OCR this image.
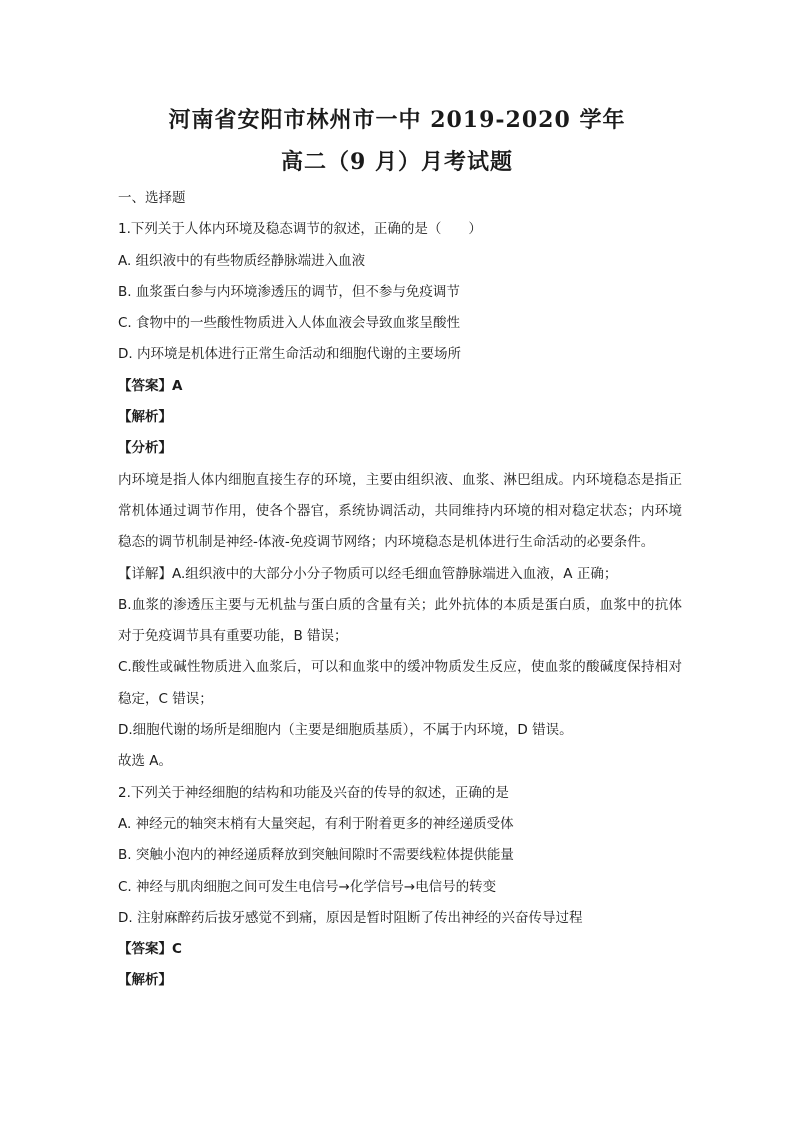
河南省安阳市林州市一中 2019-2020 学年
高二（9 月）月考试题
一、选择题
1.下列关于人体内环境及稳态调节的叙述，正确的是（　　）
A. 组织液中的有些物质经静脉端进入血液
B. 血浆蛋白参与内环境渗透压的调节，但不参与免疫调节
C. 食物中的一些酸性物质进入人体血液会导致血浆呈酸性
D. 内环境是机体进行正常生命活动和细胞代谢的主要场所
【答案】A
【解析】
【分析】
内环境是指人体内细胞直接生存的环境，主要由组织液、血浆、淋巴组成。内环境稳态是指正常机体通过调节作用，使各个器官，系统协调活动，共同维持内环境的相对稳定状态；内环境稳态的调节机制是神经-体液-免疫调节网络；内环境稳态是机体进行生命活动的必要条件。
【详解】A.组织液中的大部分小分子物质可以经毛细血管静脉端进入血液，A 正确；
B.血浆的渗透压主要与无机盐与蛋白质的含量有关；此外抗体的本质是蛋白质，血浆中的抗体对于免疫调节具有重要功能，B 错误；
C.酸性或碱性物质进入血浆后，可以和血浆中的缓冲物质发生反应，使血浆的酸碱度保持相对稳定，C 错误；
D.细胞代谢的场所是细胞内（主要是细胞质基质），不属于内环境，D 错误。
故选 A。
2.下列关于神经细胞的结构和功能及兴奋的传导的叙述，正确的是
A. 神经元的轴突末梢有大量突起，有利于附着更多的神经递质受体
B. 突触小泡内的神经递质释放到突触间隙时不需要线粒体提供能量
C. 神经与肌肉细胞之间可发生电信号→化学信号→电信号的转变
D. 注射麻醉药后拔牙感觉不到痛，原因是暂时阻断了传出神经的兴奋传导过程
【答案】C
【解析】
